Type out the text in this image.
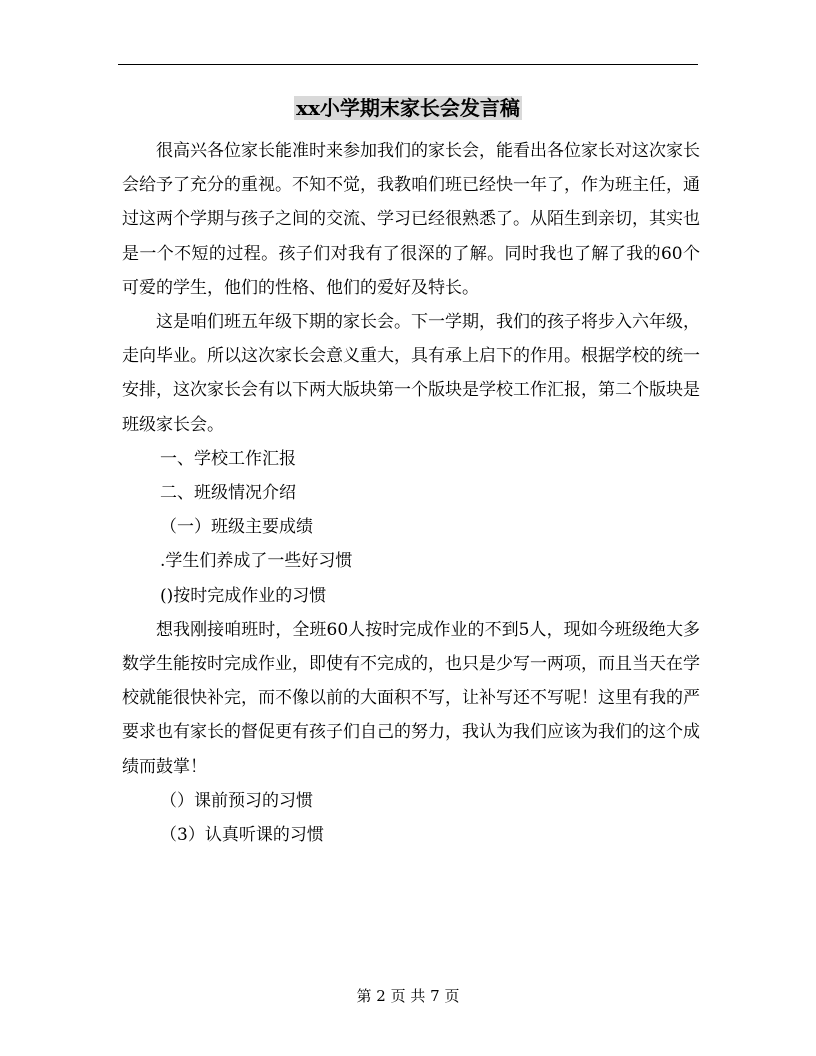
xx小学期末家长会发言稿

很高兴各位家长能准时来参加我们的家长会，能看出各位家长对这次家长会给予了充分的重视。不知不觉，我教咱们班已经快一年了，作为班主任，通过这两个学期与孩子之间的交流、学习已经很熟悉了。从陌生到亲切，其实也是一个不短的过程。孩子们对我有了很深的了解。同时我也了解了我的60个可爱的学生，他们的性格、他们的爱好及特长。

这是咱们班五年级下期的家长会。下一学期，我们的孩子将步入六年级，走向毕业。所以这次家长会意义重大，具有承上启下的作用。根据学校的统一安排，这次家长会有以下两大版块第一个版块是学校工作汇报，第二个版块是班级家长会。

一、学校工作汇报

二、班级情况介绍

（一）班级主要成绩

.学生们养成了一些好习惯

()按时完成作业的习惯

想我刚接咱班时，全班60人按时完成作业的不到5人，现如今班级绝大多数学生能按时完成作业，即使有不完成的，也只是少写一两项，而且当天在学校就能很快补完，而不像以前的大面积不写，让补写还不写呢！这里有我的严要求也有家长的督促更有孩子们自己的努力，我认为我们应该为我们的这个成绩而鼓掌！

（）课前预习的习惯

（3）认真听课的习惯

第 2 页 共 7 页
